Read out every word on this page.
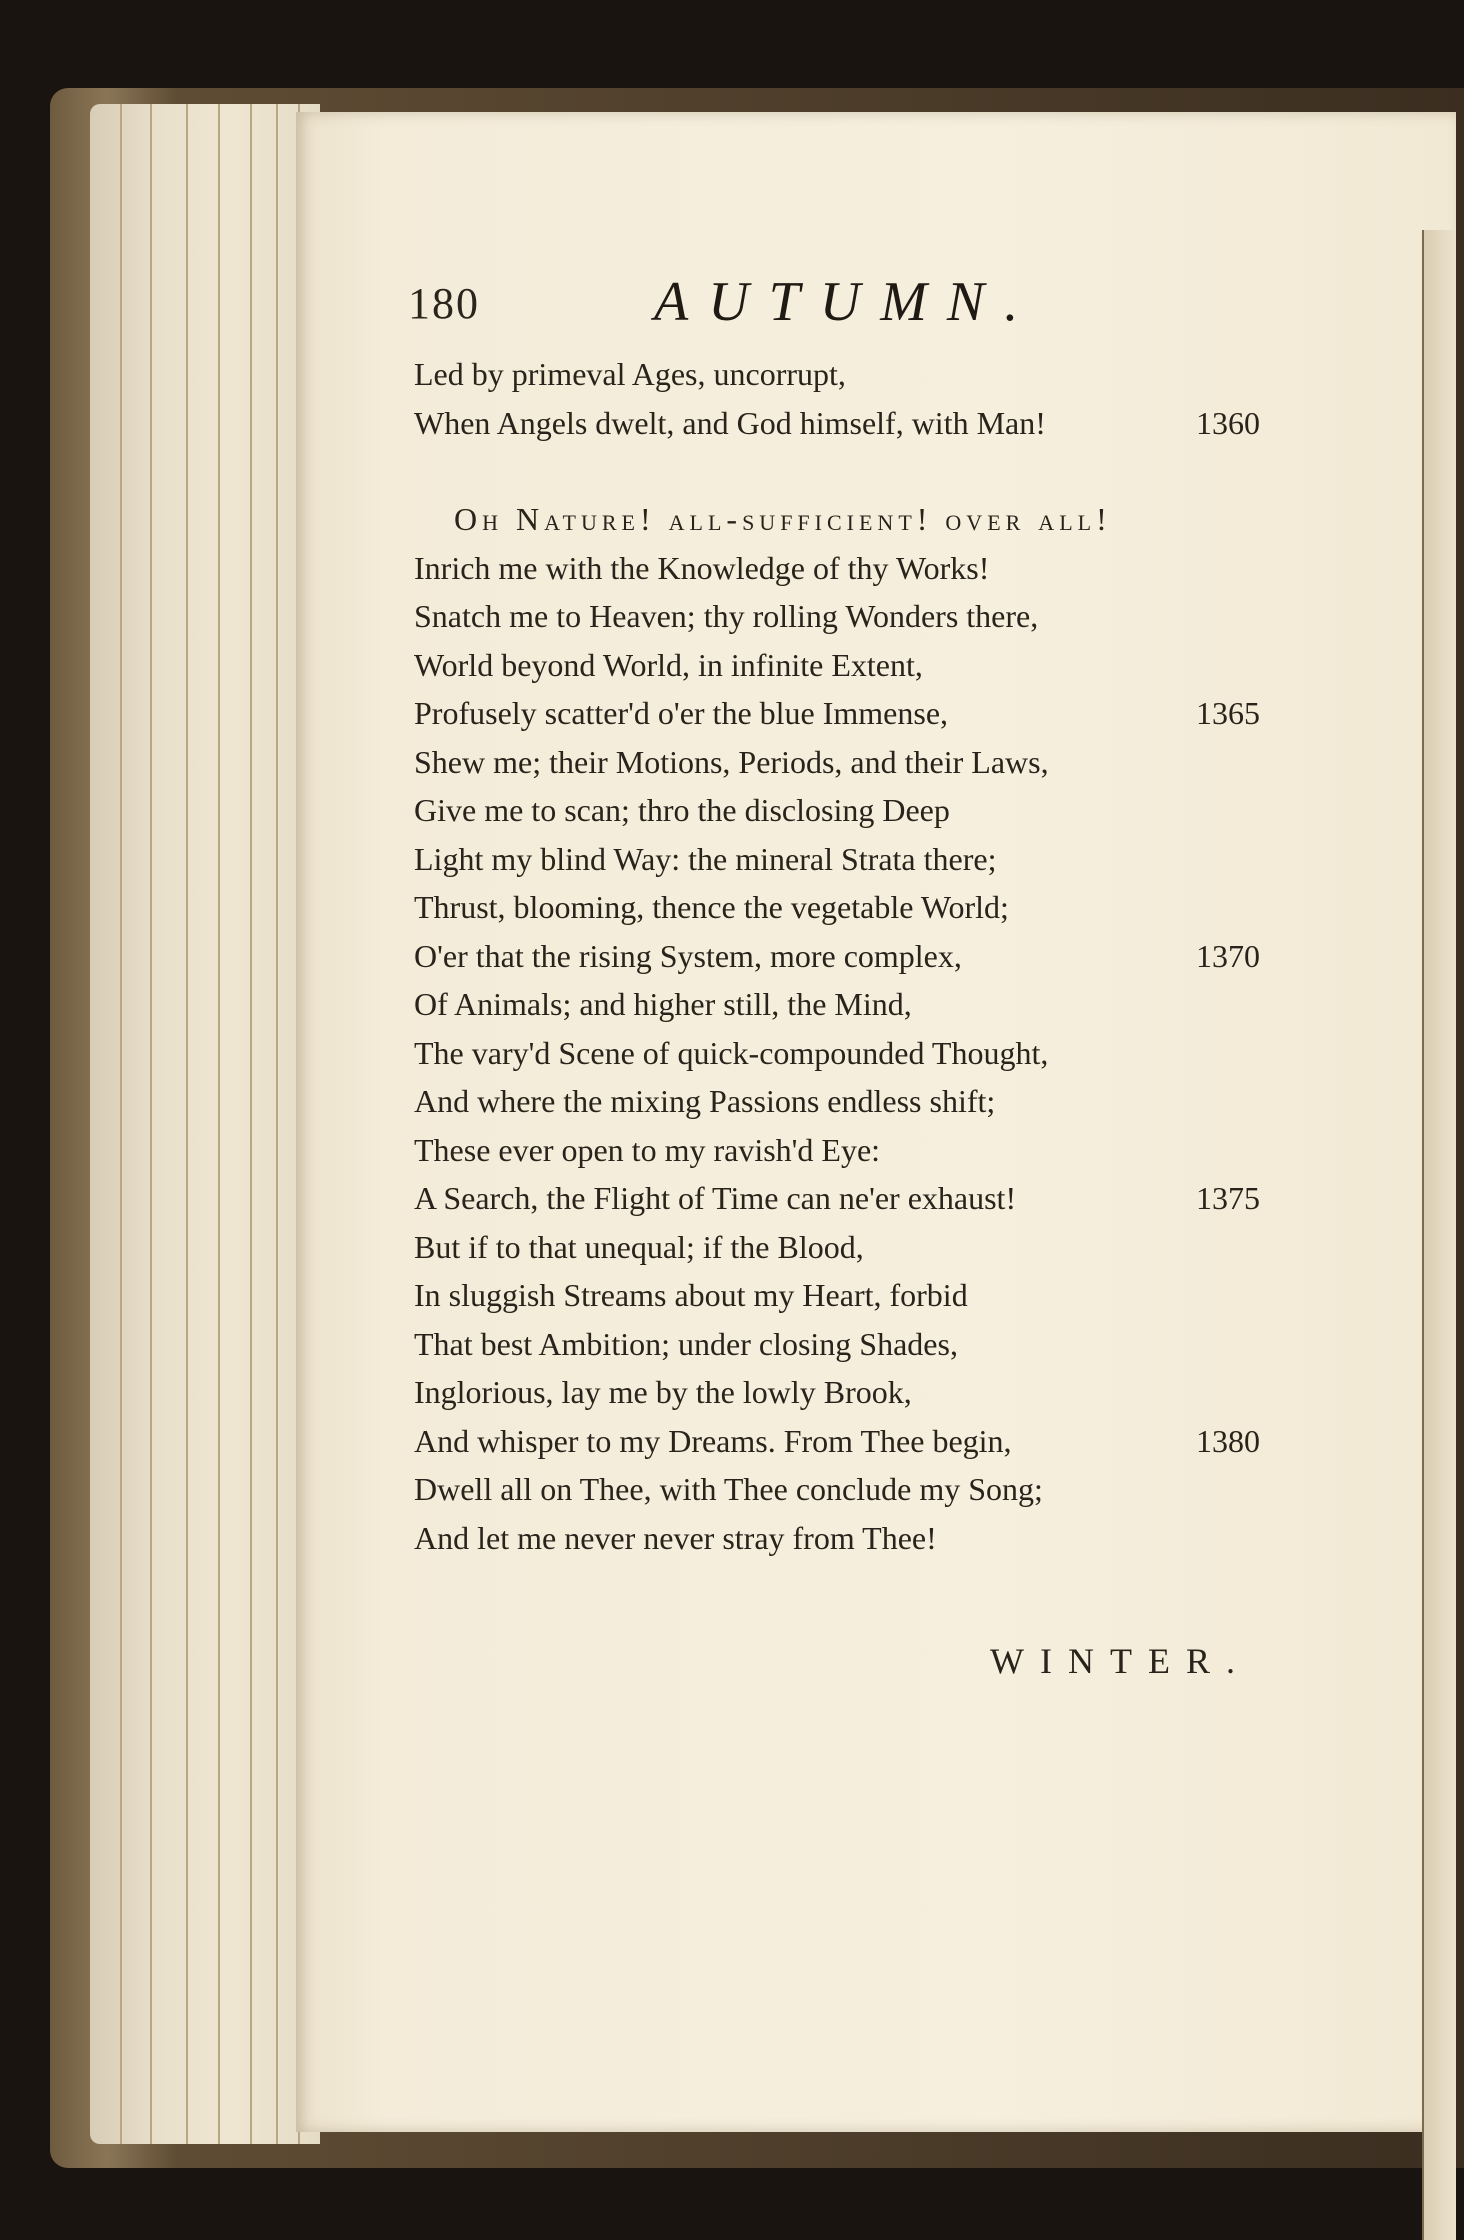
180	AUTUMN.
Led by primeval Ages, uncorrupt,
When Angels dwelt, and God himself, with Man!	1360
Oh Nature! all-sufficient! over all!
Inrich me with the Knowledge of thy Works!
Snatch me to Heaven; thy rolling Wonders there,
World beyond World, in infinite Extent,
Profusely scatter'd o'er the blue Immense,	1365
Shew me; their Motions, Periods, and their Laws,
Give me to scan; thro the disclosing Deep
Light my blind Way: the mineral Strata there;
Thrust, blooming, thence the vegetable World;
O'er that the rising System, more complex,	1370
Of Animals; and higher still, the Mind,
The vary'd Scene of quick-compounded Thought,
And where the mixing Passions endless shift;
These ever open to my ravish'd Eye:
A Search, the Flight of Time can ne'er exhaust!	1375
But if to that unequal; if the Blood,
In sluggish Streams about my Heart, forbid
That best Ambition; under closing Shades,
Inglorious, lay me by the lowly Brook,
And whisper to my Dreams. From Thee begin,	1380
Dwell all on Thee, with Thee conclude my Song;
And let me never never stray from Thee!
WINTER.
